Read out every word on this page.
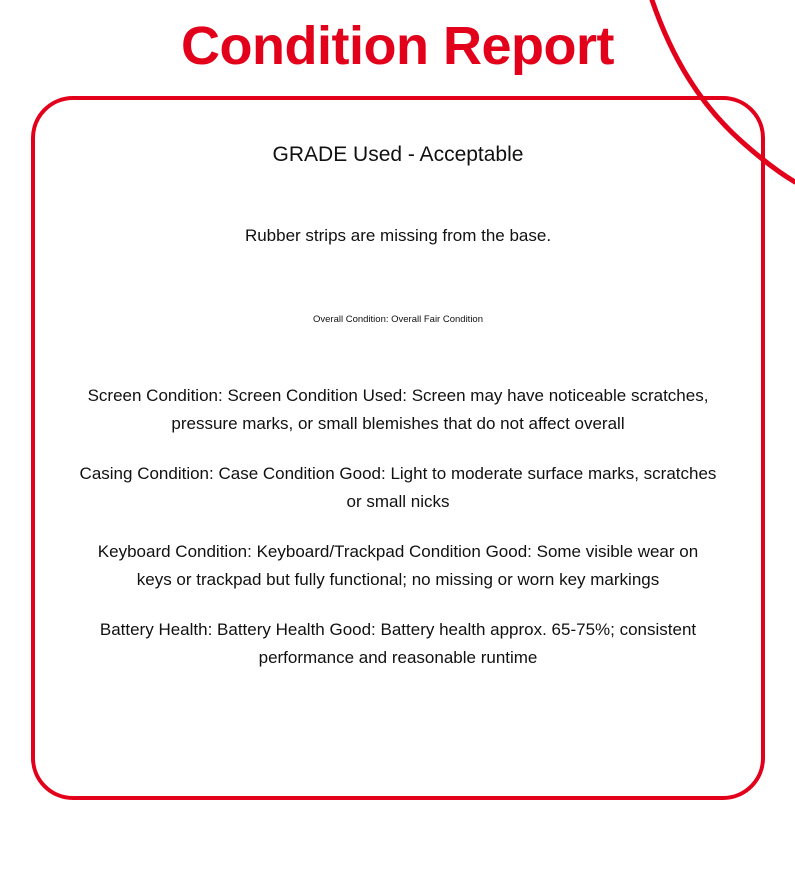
Condition Report
GRADE Used - Acceptable
Rubber strips are missing from the base.
Overall Condition: Overall Fair Condition
Screen Condition: Screen Condition Used: Screen may have noticeable scratches, pressure marks, or small blemishes that do not affect overall
Casing Condition: Case Condition Good: Light to moderate surface marks, scratches or small nicks
Keyboard Condition: Keyboard/Trackpad Condition Good: Some visible wear on keys or trackpad but fully functional; no missing or worn key markings
Battery Health: Battery Health Good: Battery health approx. 65-75%; consistent performance and reasonable runtime
